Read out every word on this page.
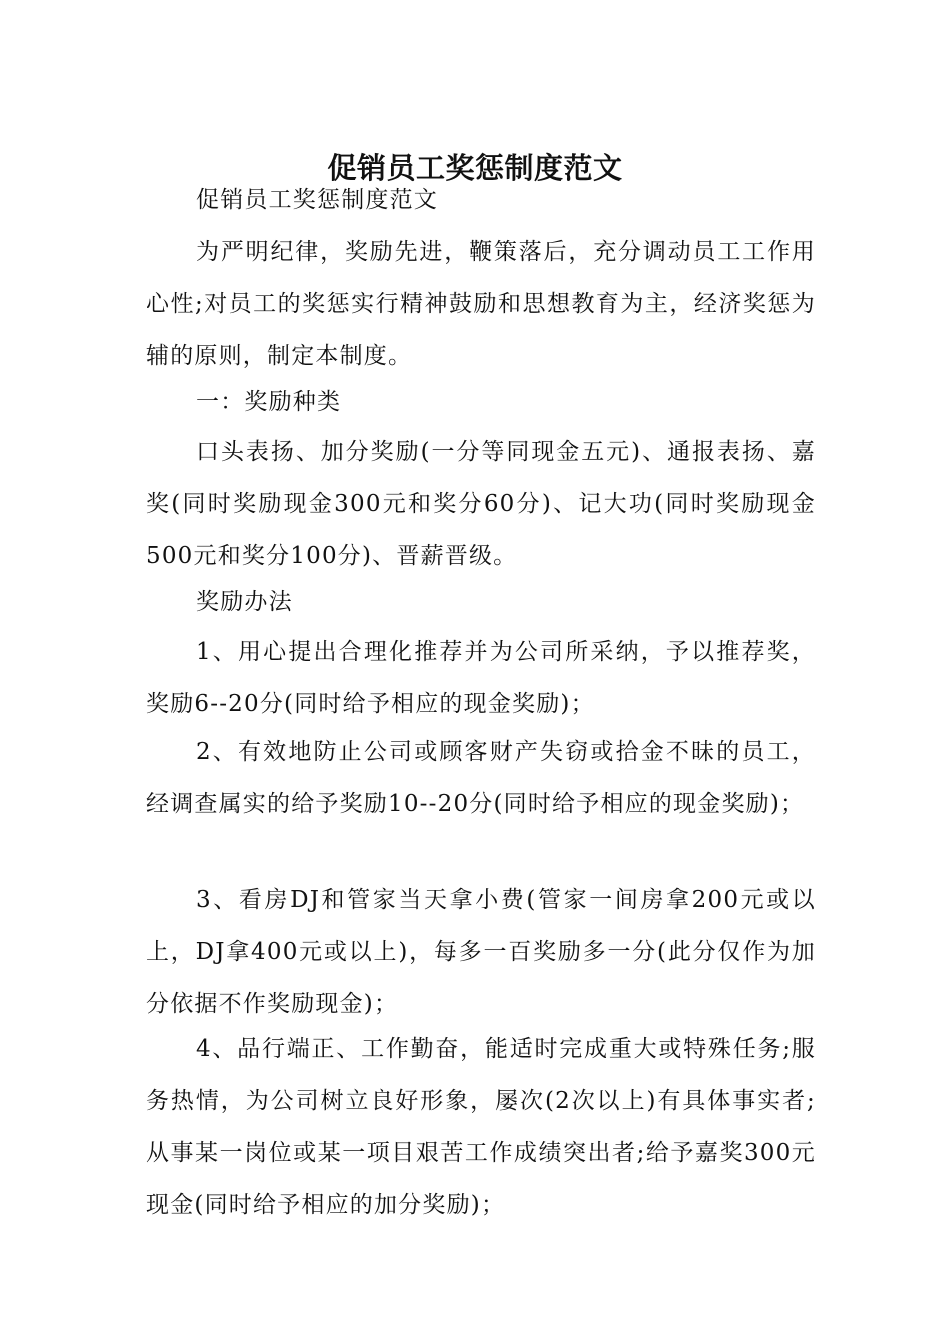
促销员工奖惩制度范文

促销员工奖惩制度范文

为严明纪律，奖励先进，鞭策落后，充分调动员工工作用心性;对员工的奖惩实行精神鼓励和思想教育为主，经济奖惩为辅的原则，制定本制度。

一：奖励种类

口头表扬、加分奖励(一分等同现金五元)、通报表扬、嘉奖(同时奖励现金300元和奖分60分)、记大功(同时奖励现金500元和奖分100分)、晋薪晋级。

奖励办法

1、用心提出合理化推荐并为公司所采纳，予以推荐奖，奖励6--20分(同时给予相应的现金奖励)；

2、有效地防止公司或顾客财产失窃或拾金不昧的员工，经调查属实的给予奖励10--20分(同时给予相应的现金奖励)；

3、看房DJ和管家当天拿小费(管家一间房拿200元或以上，DJ拿400元或以上)，每多一百奖励多一分(此分仅作为加分依据不作奖励现金)；

4、品行端正、工作勤奋，能适时完成重大或特殊任务;服务热情，为公司树立良好形象，屡次(2次以上)有具体事实者;从事某一岗位或某一项目艰苦工作成绩突出者;给予嘉奖300元现金(同时给予相应的加分奖励)；
